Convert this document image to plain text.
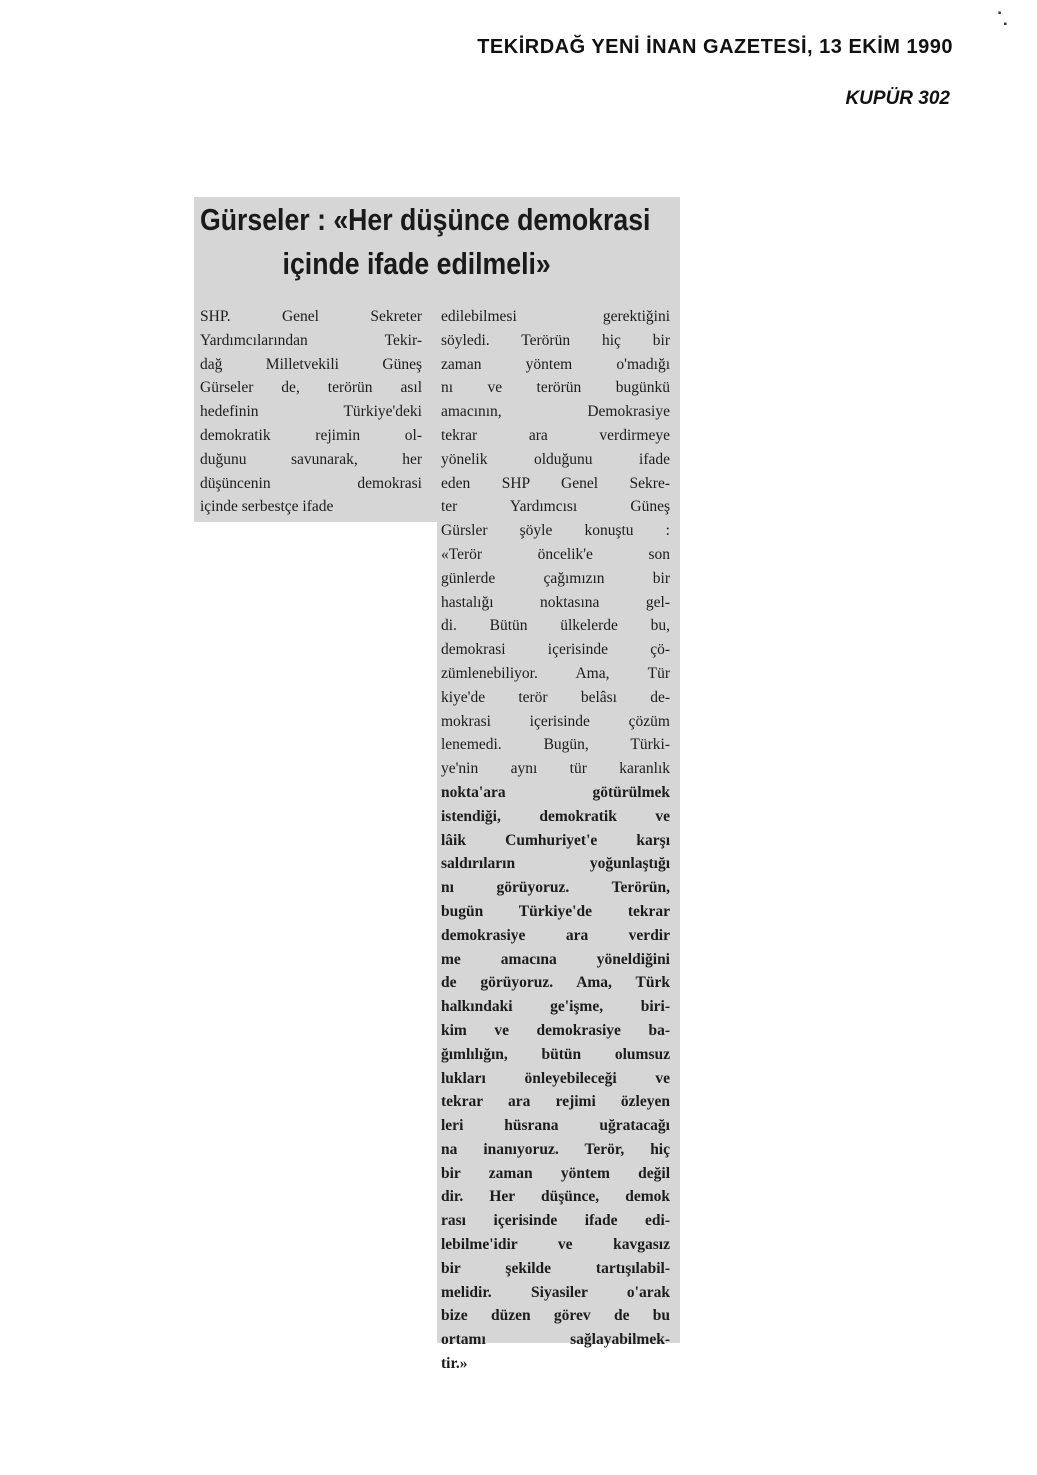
▪
▪
TEKİRDAĞ YENİ İNAN GAZETESİ, 13 EKİM 1990
KUPÜR 302
Gürseler : «Her düşünce demokrasi
içinde ifade edilmeli»
SHP. Genel Sekreter
Yardımcılarından Tekir-
dağ Milletvekili Güneş
Gürseler de, terörün asıl
hedefinin Türkiye'deki
demokratik rejimin ol-
duğunu savunarak, her
düşüncenin demokrasi
içinde serbestçe ifade
edilebilmesi gerektiğini
söyledi. Terörün hiç bir
zaman yöntem o'madığı
nı ve terörün bugünkü
amacının, Demokrasiye
tekrar ara verdirmeye
yönelik olduğunu ifade
eden SHP Genel Sekre-
ter Yardımcısı Güneş
Gürsler şöyle konuştu :
«Terör öncelik'e son
günlerde çağımızın bir
hastalığı noktasına gel-
di. Bütün ülkelerde bu,
demokrasi içerisinde çö-
zümlenebiliyor. Ama, Tür
kiye'de terör belâsı de-
mokrasi içerisinde çözüm
lenemedi. Bugün, Türki-
ye'nin aynı tür karanlık
nokta'ara götürülmek
istendiği, demokratik ve
lâik Cumhuriyet'e karşı
saldırıların yoğunlaştığı
nı görüyoruz. Terörün,
bugün Türkiye'de tekrar
demokrasiye ara verdir
me amacına yöneldiğini
de görüyoruz. Ama, Türk
halkındaki ge'işme, biri-
kim ve demokrasiye ba-
ğımlılığın, bütün olumsuz
lukları önleyebileceği ve
tekrar ara rejimi özleyen
leri hüsrana uğratacağı
na inanıyoruz. Terör, hiç
bir zaman yöntem değil
dir. Her düşünce, demok
rası içerisinde ifade edi-
lebilme'idir ve kavgasız
bir şekilde tartışılabil-
melidir. Siyasiler o'arak
bize düzen görev de bu
ortamı sağlayabilmek-
tir.»
